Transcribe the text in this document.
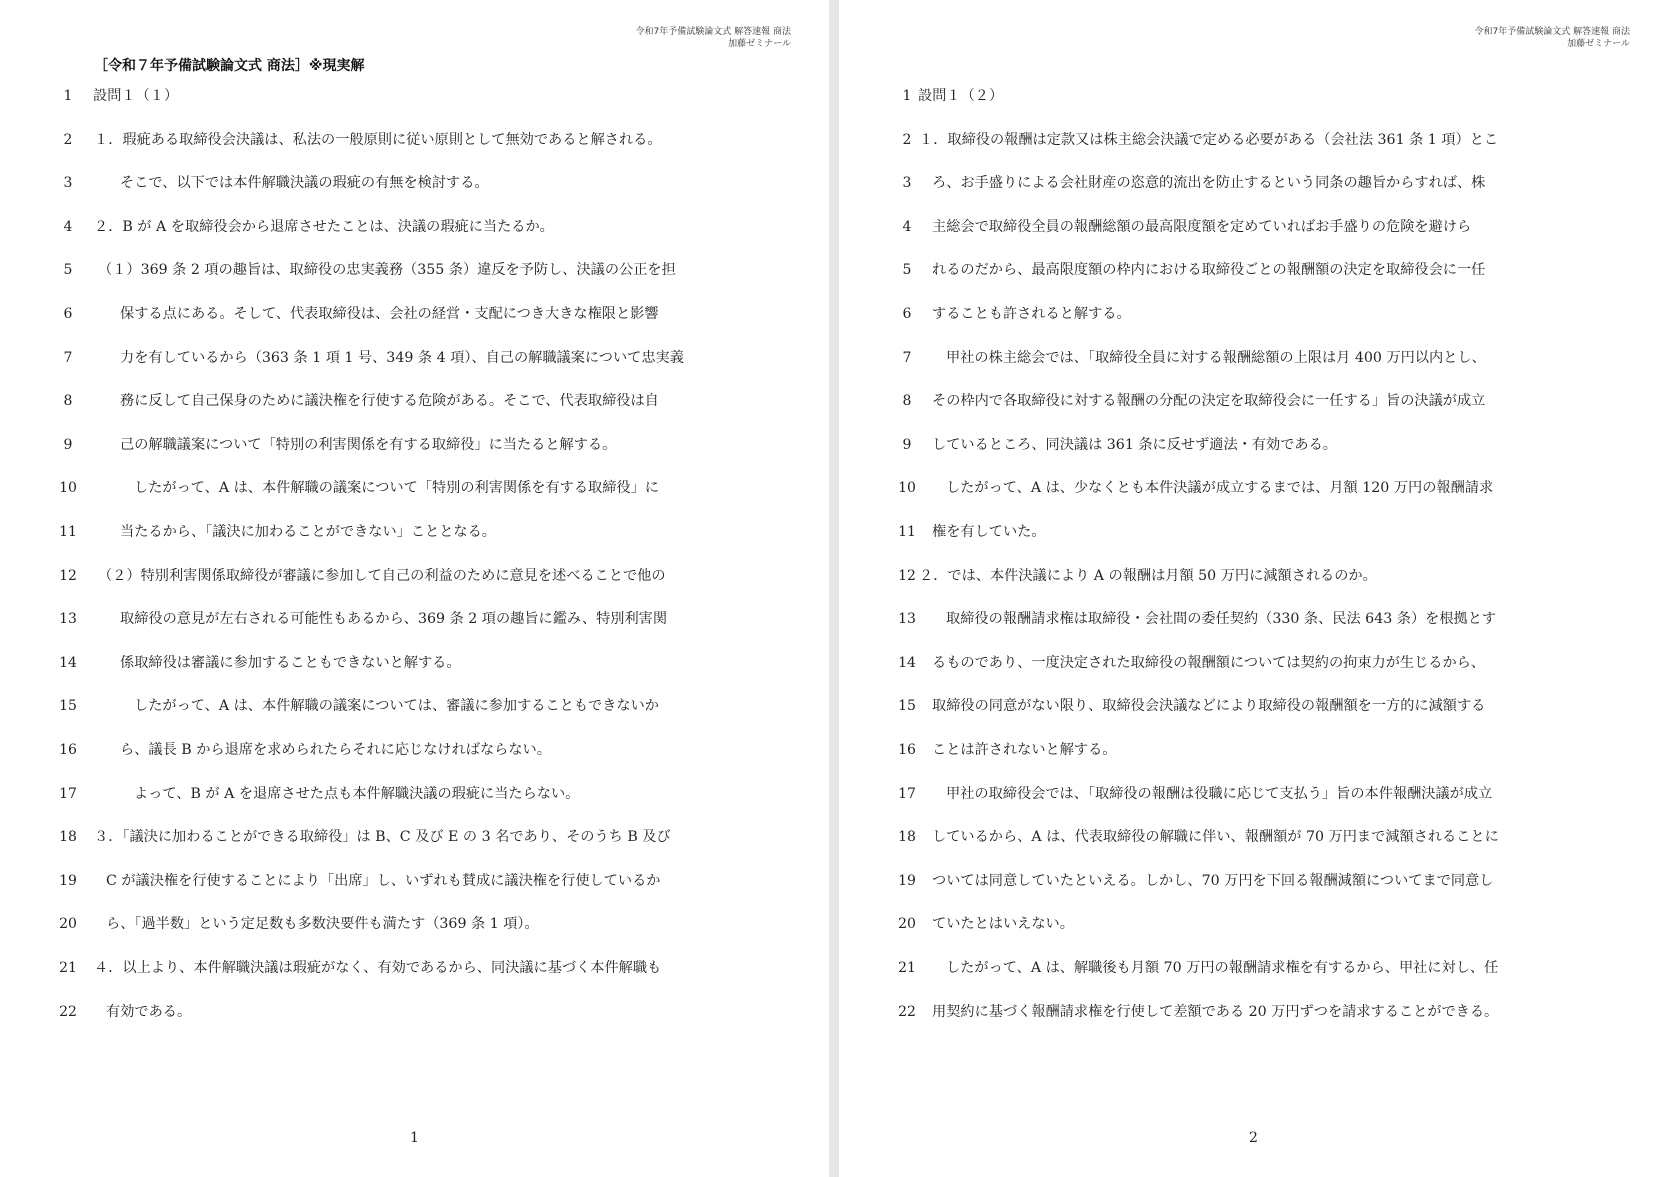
令和7年予備試験論文式 解答速報 商法
加藤ゼミナール
［令和７年予備試験論文式 商法］※現実解
1	設問１（１）
2	１．瑕疵ある取締役会決議は、私法の一般原則に従い原則として無効であると解される。
3	そこで、以下では本件解職決議の瑕疵の有無を検討する。
4	２．B が A を取締役会から退席させたことは、決議の瑕疵に当たるか。
5	（１）369 条 2 項の趣旨は、取締役の忠実義務（355 条）違反を予防し、決議の公正を担
6	保する点にある。そして、代表取締役は、会社の経営・支配につき大きな権限と影響
7	力を有しているから（363 条 1 項 1 号、349 条 4 項）、自己の解職議案について忠実義
8	務に反して自己保身のために議決権を行使する危険がある。そこで、代表取締役は自
9	己の解職議案について「特別の利害関係を有する取締役」に当たると解する。
10	したがって、A は、本件解職の議案について「特別の利害関係を有する取締役」に
11	当たるから、「議決に加わることができない」こととなる。
12 （２）特別利害関係取締役が審議に参加して自己の利益のために意見を述べることで他の
13	取締役の意見が左右される可能性もあるから、369 条 2 項の趣旨に鑑み、特別利害関
14	係取締役は審議に参加することもできないと解する。
15	したがって、A は、本件解職の議案については、審議に参加することもできないか
16	ら、議長 B から退席を求められたらそれに応じなければならない。
17	よって、B が A を退席させた点も本件解職決議の瑕疵に当たらない。
18 ３．「議決に加わることができる取締役」は B、C 及び E の 3 名であり、そのうち B 及び
19 C が議決権を行使することにより「出席」し、いずれも賛成に議決権を行使しているか
20 ら、「過半数」という定足数も多数決要件も満たす（369 条 1 項）。
21 ４．以上より、本件解職決議は瑕疵がなく、有効であるから、同決議に基づく本件解職も
22 有効である。
1
令和7年予備試験論文式 解答速報 商法
加藤ゼミナール
1 設問１（２）
2 １．取締役の報酬は定款又は株主総会決議で定める必要がある（会社法 361 条 1 項）とこ
3	ろ、お手盛りによる会社財産の恣意的流出を防止するという同条の趣旨からすれば、株
4	主総会で取締役全員の報酬総額の最高限度額を定めていればお手盛りの危険を避けら
5	れるのだから、最高限度額の枠内における取締役ごとの報酬額の決定を取締役会に一任
6	することも許されると解する。
7	甲社の株主総会では、「取締役全員に対する報酬総額の上限は月 400 万円以内とし、
8	その枠内で各取締役に対する報酬の分配の決定を取締役会に一任する」旨の決議が成立
9	しているところ、同決議は 361 条に反せず適法・有効である。
10 したがって、A は、少なくとも本件決議が成立するまでは、月額 120 万円の報酬請求
11 権を有していた。
12 ２．では、本件決議により A の報酬は月額 50 万円に減額されるのか。
13 取締役の報酬請求権は取締役・会社間の委任契約（330 条、民法 643 条）を根拠とす
14 るものであり、一度決定された取締役の報酬額については契約の拘束力が生じるから、
15 取締役の同意がない限り、取締役会決議などにより取締役の報酬額を一方的に減額する
16 ことは許されないと解する。
17 甲社の取締役会では、「取締役の報酬は役職に応じて支払う」旨の本件報酬決議が成立
18 しているから、A は、代表取締役の解職に伴い、報酬額が 70 万円まで減額されることに
19 ついては同意していたといえる。しかし、70 万円を下回る報酬減額についてまで同意し
20 ていたとはいえない。
21 したがって、A は、解職後も月額 70 万円の報酬請求権を有するから、甲社に対し、任
22 用契約に基づく報酬請求権を行使して差額である 20 万円ずつを請求することができる。
2
